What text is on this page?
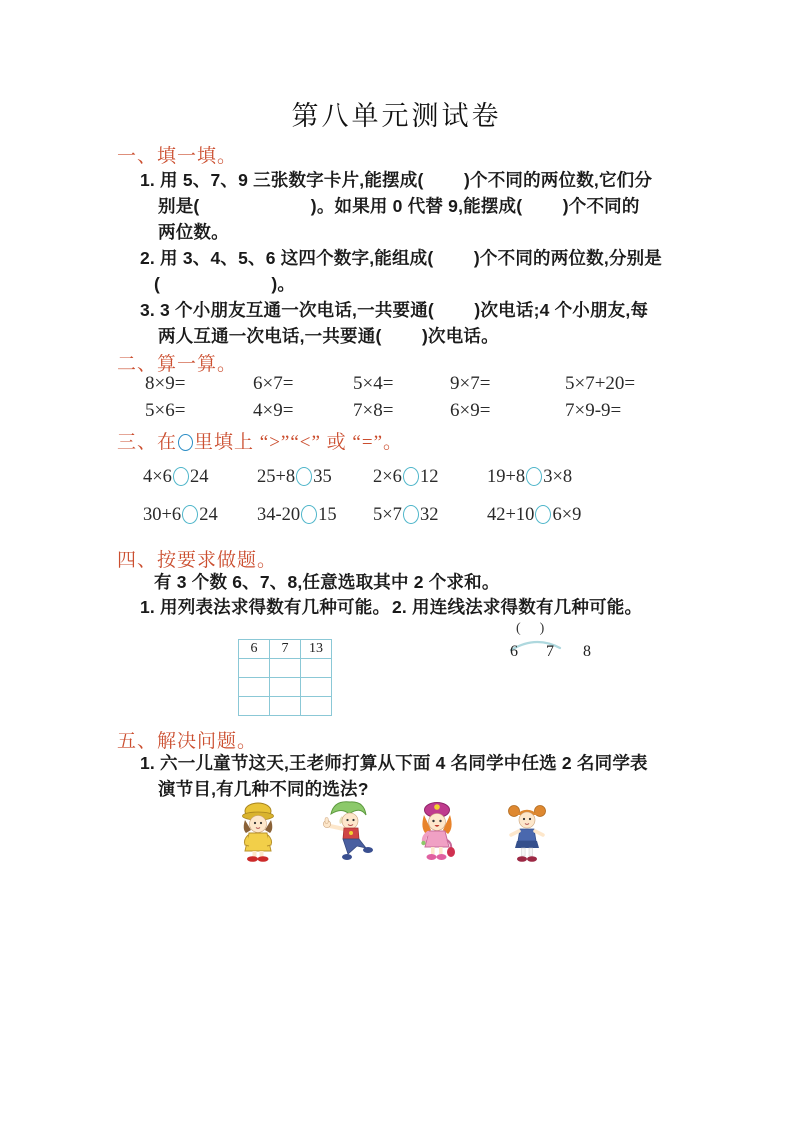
第八单元测试卷
一、填一填。
1. 用 5、7、9 三张数字卡片,能摆成(        )个不同的两位数,它们分
别是(                      )。如果用 0 代替 9,能摆成(        )个不同的
两位数。
2. 用 3、4、5、6 这四个数字,能组成(        )个不同的两位数,分别是
(                      )。
3. 3 个小朋友互通一次电话,一共要通(        )次电话;4 个小朋友,每
两人互通一次电话,一共要通(        )次电话。
二、算一算。
8×9=	6×7=	5×4=	9×7=	5×7+20=
5×6=	4×9=	7×8=	6×9=	7×9-9=
三、在 里填上 “>”“<” 或 “=”。
4×6 24	25+8 35	2×6 12	19+8 3×8
30+6 24	34-20 15	5×7 32	42+10 6×9
四、按要求做题。
有 3 个数 6、7、8,任意选取其中 2 个求和。
1. 用列表法求得数有几种可能。 2. 用连线法求得数有几种可能。
6	7	13

(    )
6 7 8
五、解决问题。
1. 六一儿童节这天,王老师打算从下面 4 名同学中任选 2 名同学表
演节目,有几种不同的选法?
